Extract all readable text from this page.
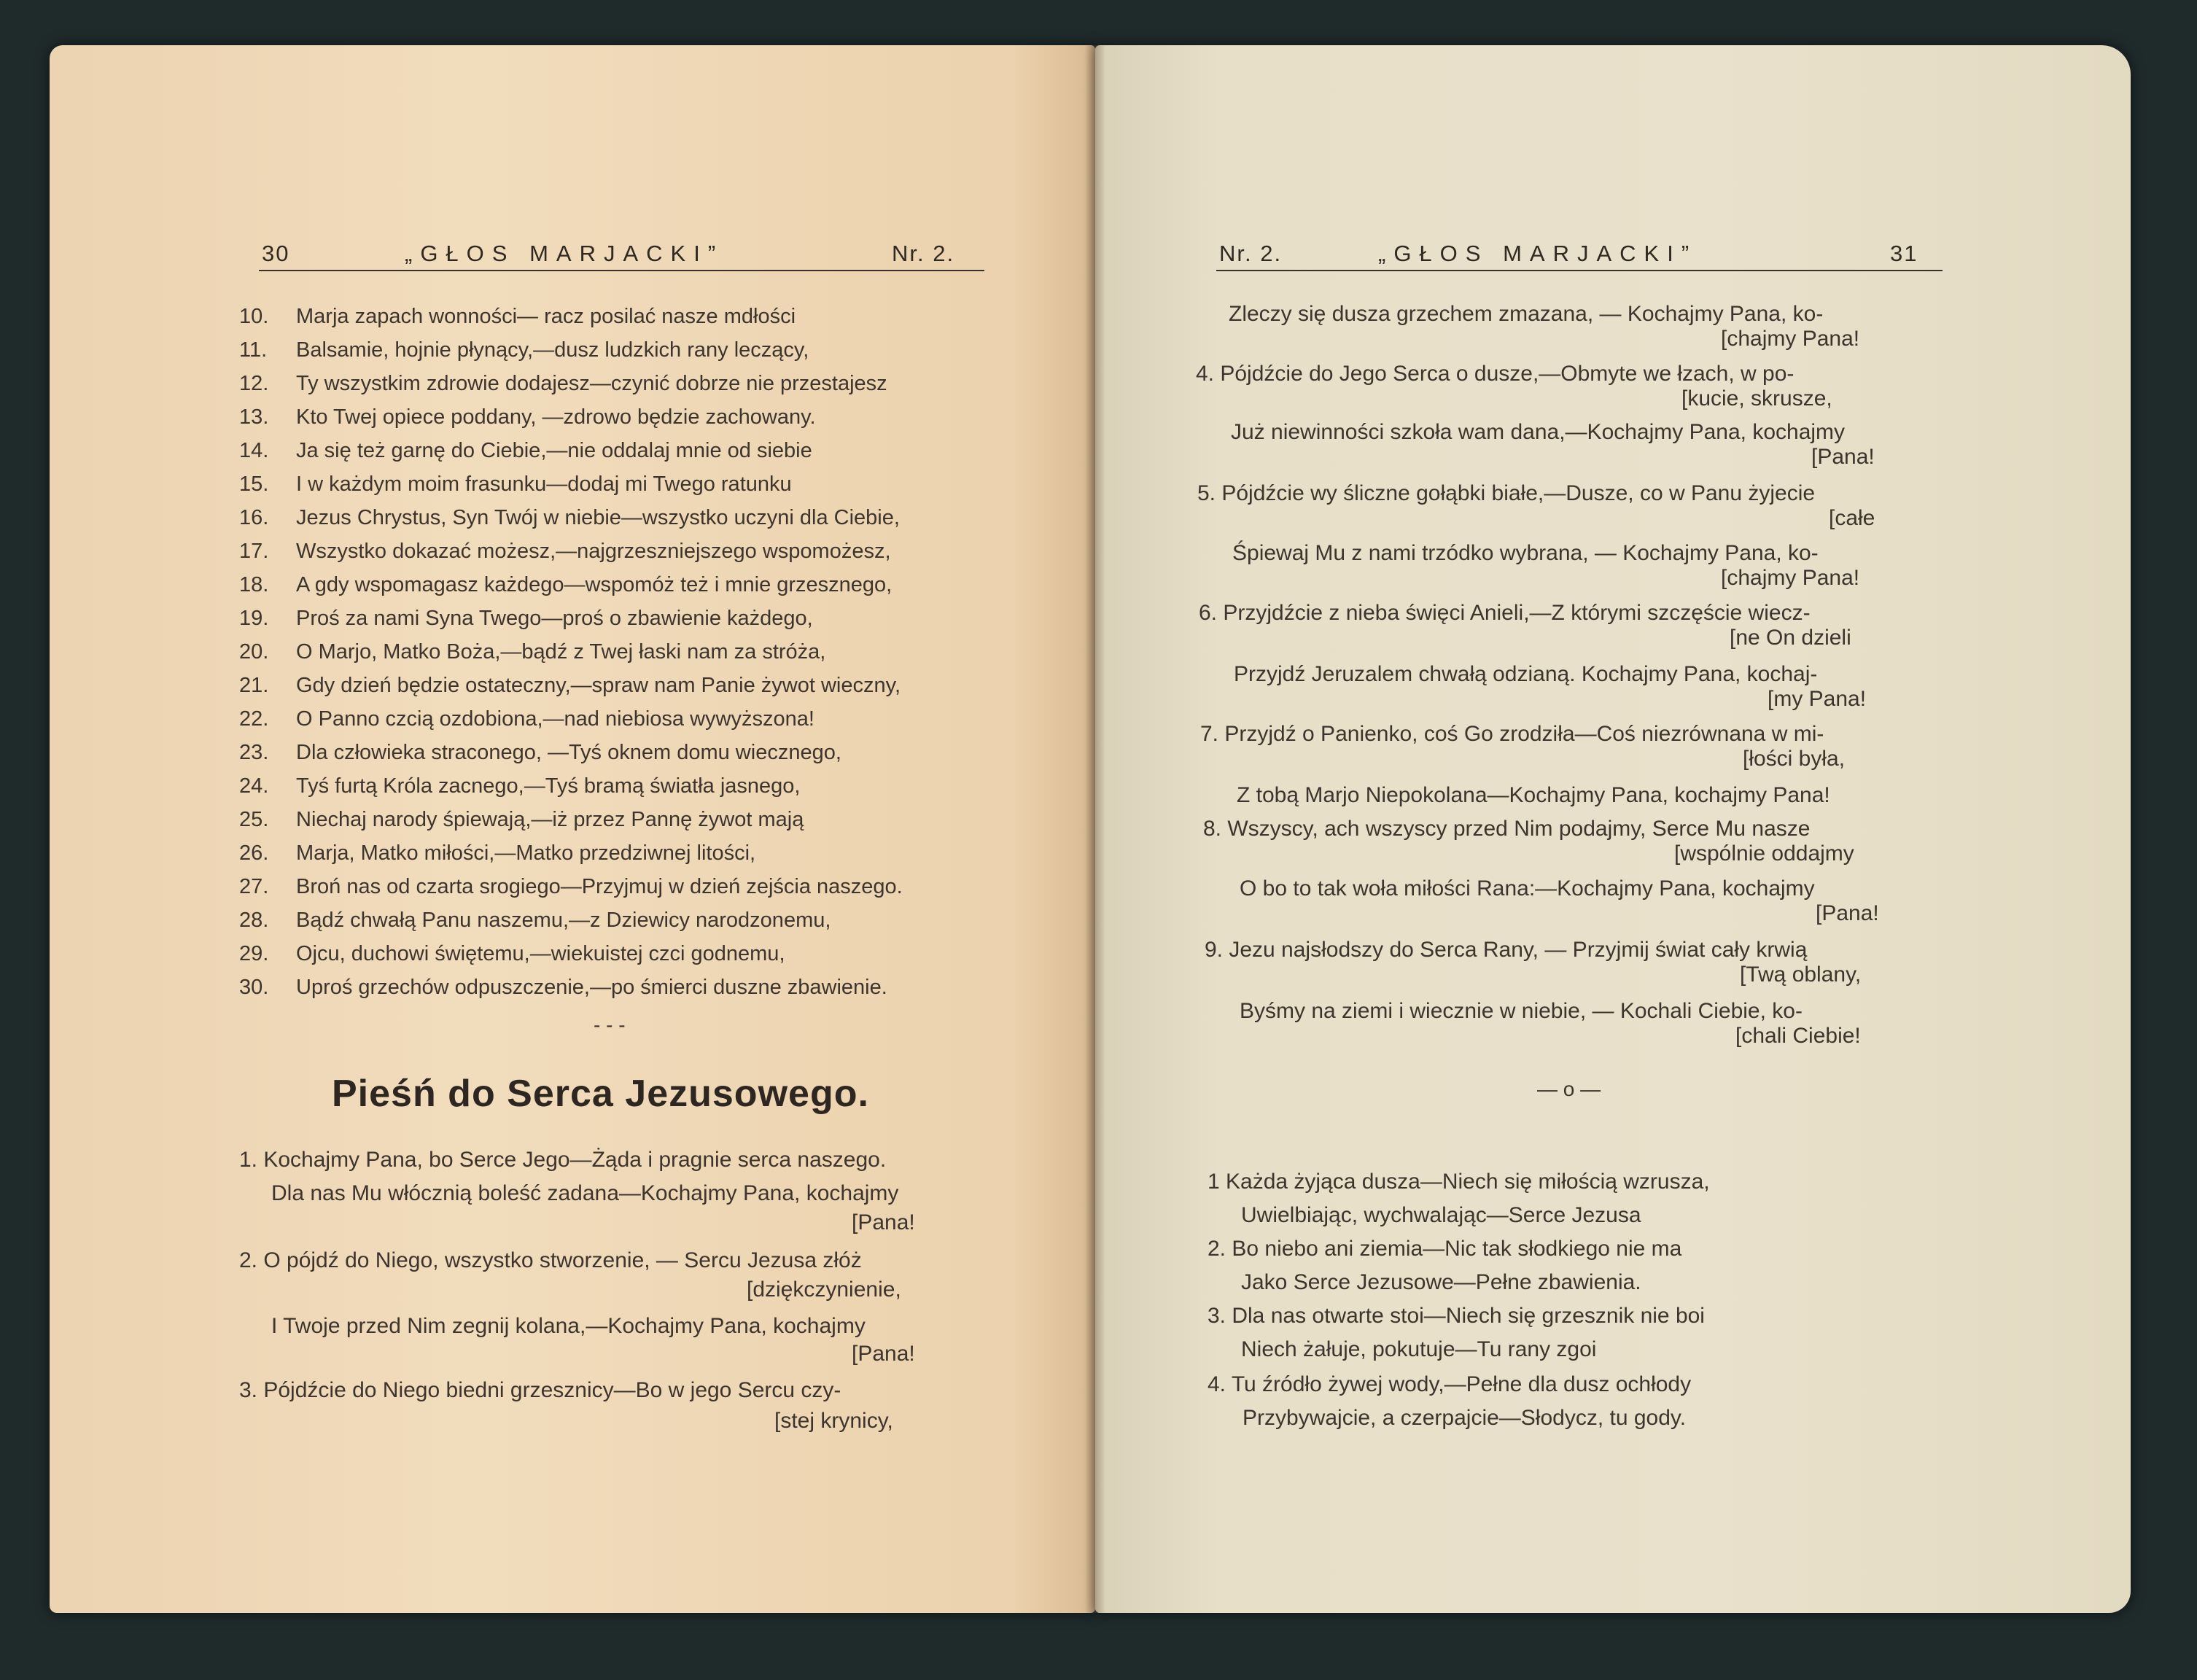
30	„GŁOS MARJACKI”	Nr. 2.
10. Marja zapach wonności— racz posilać nasze mdłości
11. Balsamie, hojnie płynący,—dusz ludzkich rany leczący,
12. Ty wszystkim zdrowie dodajesz—czynić dobrze nie przestajesz
13. Kto Twej opiece poddany, —zdrowo będzie zachowany.
14. Ja się też garnę do Ciebie,—nie oddalaj mnie od siebie
15. I w każdym moim frasunku—dodaj mi Twego ratunku
16. Jezus Chrystus, Syn Twój w niebie—wszystko uczyni dla Ciebie,
17. Wszystko dokazać możesz,—najgrzeszniejszego wspomożesz,
18. A gdy wspomagasz każdego—wspomóż też i mnie grzesznego,
19. Proś za nami Syna Twego—proś o zbawienie każdego,
20. O Marjo, Matko Boża,—bądź z Twej łaski nam za stróża,
21. Gdy dzień będzie ostateczny,—spraw nam Panie żywot wieczny,
22. O Panno czcią ozdobiona,—nad niebiosa wywyższona!
23. Dla człowieka straconego, —Tyś oknem domu wiecznego,
24. Tyś furtą Króla zacnego,—Tyś bramą światła jasnego,
25. Niechaj narody śpiewają,—iż przez Pannę żywot mają
26. Marja, Matko miłości,—Matko przedziwnej litości,
27. Broń nas od czarta srogiego—Przyjmuj w dzień zejścia naszego.
28. Bądź chwałą Panu naszemu,—z Dziewicy narodzonemu,
29. Ojcu, duchowi świętemu,—wiekuistej czci godnemu,
30. Uproś grzechów odpuszczenie,—po śmierci duszne zbawienie.
- - -
Pieśń do Serca Jezusowego.
1. Kochajmy Pana, bo Serce Jego—Żąda i pragnie serca naszego.
Dla nas Mu włócznią boleść zadana—Kochajmy Pana, kochajmy
[Pana!
2. O pójdź do Niego, wszystko stworzenie, — Sercu Jezusa złóż
[dziękczynienie,
I Twoje przed Nim zegnij kolana,—Kochajmy Pana, kochajmy
[Pana!
3. Pójdźcie do Niego biedni grzesznicy—Bo w jego Sercu czy-
[stej krynicy,
Nr. 2.	„GŁOS MARJACKI”	31
Zleczy się dusza grzechem zmazana, — Kochajmy Pana, ko-
[chajmy Pana!
4. Pójdźcie do Jego Serca o dusze,—Obmyte we łzach, w po-
[kucie, skrusze,
Już niewinności szkoła wam dana,—Kochajmy Pana, kochajmy
[Pana!
5. Pójdźcie wy śliczne gołąbki białe,—Dusze, co w Panu żyjecie
[całe
Śpiewaj Mu z nami trzódko wybrana, — Kochajmy Pana, ko-
[chajmy Pana!
6. Przyjdźcie z nieba święci Anieli,—Z którymi szczęście wiecz-
[ne On dzieli
Przyjdź Jeruzalem chwałą odzianą. Kochajmy Pana, kochaj-
[my Pana!
7. Przyjdź o Panienko, coś Go zrodziła—Coś niezrównana w mi-
[łości była,
Z tobą Marjo Niepokolana—Kochajmy Pana, kochajmy Pana!
8. Wszyscy, ach wszyscy przed Nim podajmy, Serce Mu nasze
[wspólnie oddajmy
O bo to tak woła miłości Rana:—Kochajmy Pana, kochajmy
[Pana!
9. Jezu najsłodszy do Serca Rany, — Przyjmij świat cały krwią
[Twą oblany,
Byśmy na ziemi i wiecznie w niebie, — Kochali Ciebie, ko-
[chali Ciebie!
— o —
1 Każda żyjąca dusza—Niech się miłością wzrusza,
Uwielbiając, wychwalając—Serce Jezusa
2. Bo niebo ani ziemia—Nic tak słodkiego nie ma
Jako Serce Jezusowe—Pełne zbawienia.
3. Dla nas otwarte stoi—Niech się grzesznik nie boi
Niech żałuje, pokutuje—Tu rany zgoi
4. Tu źródło żywej wody,—Pełne dla dusz ochłody
Przybywajcie, a czerpajcie—Słodycz, tu gody.
